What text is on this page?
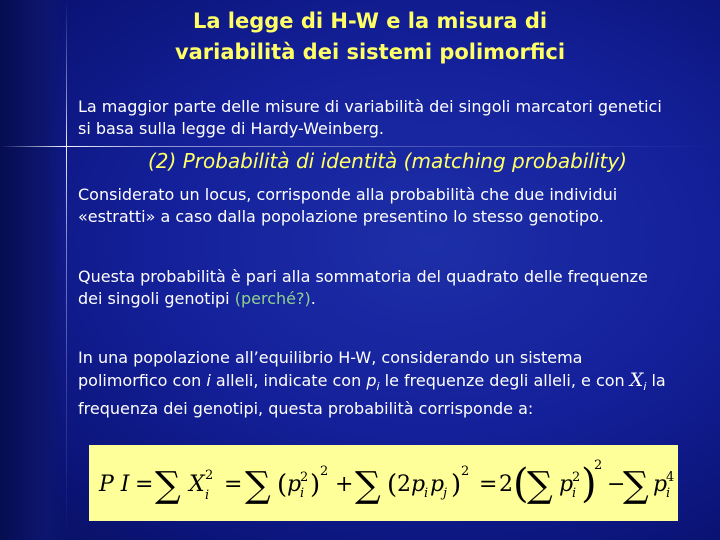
La legge di H-W e la misura di
variabilità dei sistemi polimorfici
La maggior parte delle misure di variabilità dei singoli marcatori genetici
si basa sulla legge di Hardy-Weinberg.
(2) Probabilità di identità (matching probability)
Considerato un locus, corrisponde alla probabilità che due individui
«estratti» a caso dalla popolazione presentino lo stesso genotipo.
Questa probabilità è pari alla sommatoria del quadrato delle frequenze
dei singoli genotipi (perché?).
In una popolazione all’equilibrio H-W, considerando un sistema
polimorfico con i alleli, indicate con $p_i$ le frequenze degli alleli, e con $X_i$ la
frequenza dei genotipi, questa probabilità corrisponde a:
P I = ∑ X 2
i = ∑ ( p
2
i ) 2
+ ∑ ( 2 p
i p
j ) 2
= 2 (
∑ p
2
i )
2
−
∑ p
4
i
